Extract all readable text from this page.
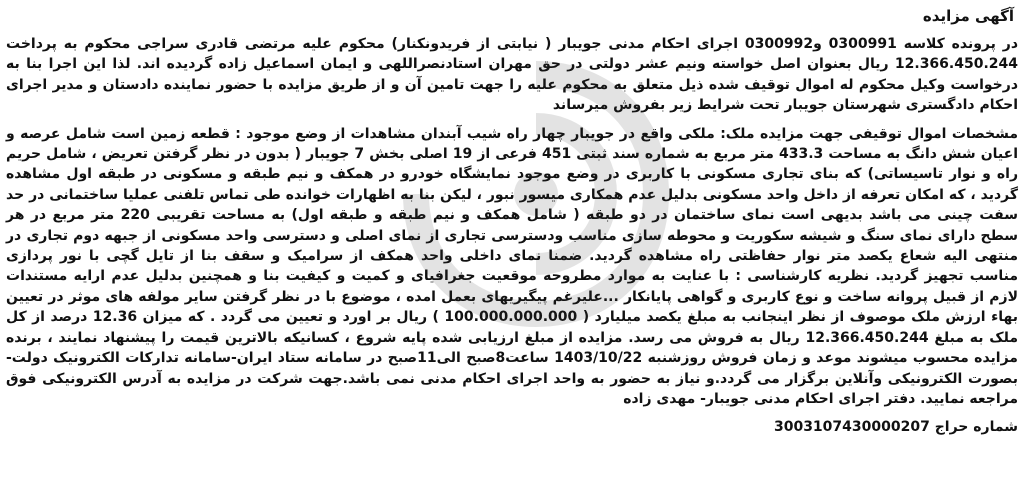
آگهی مزایده

در پرونده کلاسه 0300991 و0300992 اجرای احکام مدنی جویبار ( نیابتی از فریدونکنار) محکوم علیه مرتضی قادری سراجی محکوم به پرداخت 12.366.450.244 ریال بعنوان اصل خواسته ونیم عشر دولتی در حق مهران استادنصراللهی و ایمان اسماعیل زاده گردیده اند. لذا این اجرا بنا به درخواست وکیل محکوم له اموال توقیف شده ذیل متعلق به محکوم علیه را جهت تامین آن و از طریق مزایده با حضور نماینده دادستان و مدیر اجرای احکام دادگستری شهرستان جویبار تحت شرایط زیر بفروش میرساند

مشخصات اموال توقیفی جهت مزایده ملک: ملکی واقع در جویبار چهار راه شیب آبندان مشاهدات از وضع موجود : قطعه زمین است شامل عرصه و اعیان شش دانگ به مساحت 433.3 متر مربع به شماره سند ثبتی 451 فرعی از 19 اصلی بخش 7 جویبار ( بدون در نظر گرفتن تعریض ، شامل حریم راه و نوار تاسیساتی) که بنای تجاری مسکونی با کاربری در وضع موجود نمایشگاه خودرو در همکف و نیم طبقه و مسکونی در طبقه اول مشاهده گردید ، که امکان تعرفه از داخل واحد مسکونی بدلیل عدم همکاری میسور نبور ، لیکن بنا به اظهارات خوانده طی تماس تلفنی عملیا ساختمانی در حد سفت چینی می باشد بدیهی است نمای ساختمان در دو طبقه ( شامل همکف و نیم طبقه و طبقه اول) به مساحت تقریبی 220 متر مربع در هر سطح دارای نمای سنگ و شیشه سکوریت و محوطه سازی مناسب ودسترسی تجاری از نمای اصلی و دسترسی واحد مسکونی از جبهه دوم تجاری در منتهی الیه شعاع یکصد متر نوار حفاظتی راه مشاهده گردید. ضمنا نمای داخلی واحد همکف از سرامیک و سقف بنا از تایل گچی با نور پردازی مناسب تجهیز گردید. نظریه کارشناسی : با عنایت به موارد مطروحه موقعیت جغرافیای و کمیت و کیفیت بنا و همچنین بدلیل عدم ارایه مستندات لازم از قبیل پروانه ساخت و نوع کاربری و گواهی پایانکار ...علیرغم پیگیریهای بعمل امده ، موضوع با در نظر گرفتن سایر مولفه های موثر در تعیین بهاء ارزش ملک موصوف از نظر اینجانب به مبلغ یکصد میلیارد ( 100.000.000.000 ) ریال بر اورد و تعیین می گردد . که میزان 12.36 درصد از کل ملک به مبلغ 12.366.450.244 ریال به فروش می رسد. مزایده از مبلغ ارزیابی شده پایه شروع ، کسانیکه بالاترین قیمت را پیشنهاد نمایند ، برنده مزایده محسوب میشوند موعد و زمان فروش روزشنبه 1403/10/22 ساعت8صبح الی11صبح در سامانه ستاد ایران-سامانه تدارکات الکترونیک دولت-بصورت الکترونیکی وآنلاین برگزار می گردد.و نیاز به حضور به واحد اجرای احکام مدنی نمی باشد.جهت شرکت در مزایده به آدرس الکترونیکی فوق مراجعه نمایید. دفتر اجرای احکام مدنی جویبار- مهدی زاده

شماره حراج 3003107430000207
